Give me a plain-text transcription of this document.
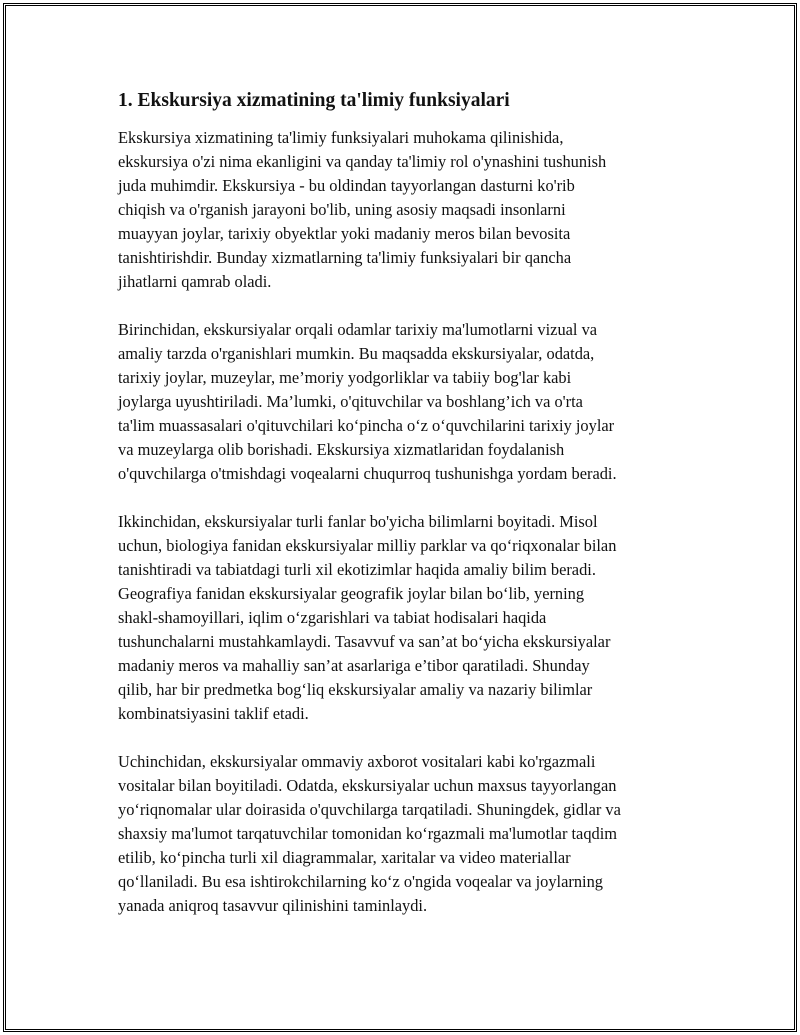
1. Ekskursiya xizmatining ta'limiy funksiyalari
Ekskursiya xizmatining ta'limiy funksiyalari muhokama qilinishida,
ekskursiya o'zi nima ekanligini va qanday ta'limiy rol o'ynashini tushunish
juda muhimdir. Ekskursiya - bu oldindan tayyorlangan dasturni ko'rib
chiqish va o'rganish jarayoni bo'lib, uning asosiy maqsadi insonlarni
muayyan joylar, tarixiy obyektlar yoki madaniy meros bilan bevosita
tanishtirishdir. Bunday xizmatlarning ta'limiy funksiyalari bir qancha
jihatlarni qamrab oladi.
Birinchidan, ekskursiyalar orqali odamlar tarixiy ma'lumotlarni vizual va
amaliy tarzda o'rganishlari mumkin. Bu maqsadda ekskursiyalar, odatda,
tarixiy joylar, muzeylar, me’moriy yodgorliklar va tabiiy bog'lar kabi
joylarga uyushtiriladi. Ma’lumki, o'qituvchilar va boshlang’ich va o'rta
ta'lim muassasalari o'qituvchilari ko‘pincha o‘z o‘quvchilarini tarixiy joylar
va muzeylarga olib borishadi. Ekskursiya xizmatlaridan foydalanish
o'quvchilarga o'tmishdagi voqealarni chuqurroq tushunishga yordam beradi.
Ikkinchidan, ekskursiyalar turli fanlar bo'yicha bilimlarni boyitadi. Misol
uchun, biologiya fanidan ekskursiyalar milliy parklar va qo‘riqxonalar bilan
tanishtiradi va tabiatdagi turli xil ekotizimlar haqida amaliy bilim beradi.
Geografiya fanidan ekskursiyalar geografik joylar bilan bo‘lib, yerning
shakl-shamoyillari, iqlim o‘zgarishlari va tabiat hodisalari haqida
tushunchalarni mustahkamlaydi. Tasavvuf va san’at bo‘yicha ekskursiyalar
madaniy meros va mahalliy san’at asarlariga e’tibor qaratiladi. Shunday
qilib, har bir predmetka bog‘liq ekskursiyalar amaliy va nazariy bilimlar
kombinatsiyasini taklif etadi.
Uchinchidan, ekskursiyalar ommaviy axborot vositalari kabi ko'rgazmali
vositalar bilan boyitiladi. Odatda, ekskursiyalar uchun maxsus tayyorlangan
yo‘riqnomalar ular doirasida o'quvchilarga tarqatiladi. Shuningdek, gidlar va
shaxsiy ma'lumot tarqatuvchilar tomonidan ko‘rgazmali ma'lumotlar taqdim
etilib, ko‘pincha turli xil diagrammalar, xaritalar va video materiallar
qo‘llaniladi. Bu esa ishtirokchilarning ko‘z o'ngida voqealar va joylarning
yanada aniqroq tasavvur qilinishini taminlaydi.
